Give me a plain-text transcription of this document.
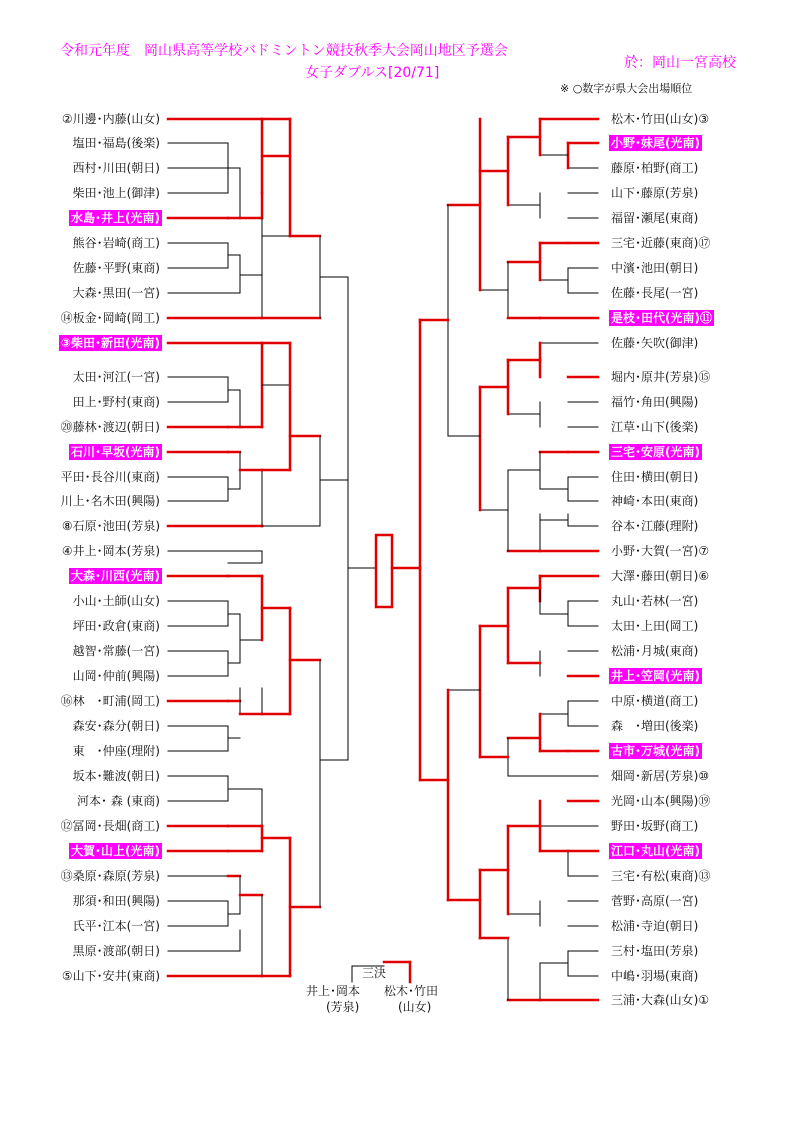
令和元年度　岡山県高等学校バドミントン競技秋季大会岡山地区予選会
女子ダブルス[20/71]
於：岡山一宮高校
※ ○数字が県大会出場順位
②川邊･内藤(山女)
塩田･福島(後楽)
西村･川田(朝日)
柴田･池上(御津)
水島･井上(光南)
熊谷･岩崎(商工)
佐藤･平野(東商)
大森･黒田(一宮)
⑭板金･岡崎(岡工)
③柴田･新田(光南)
太田･河江(一宮)
田上･野村(東商)
⑳藤林･渡辺(朝日)
石川･早坂(光南)
平田･長谷川(東商)
川上･名木田(興陽)
⑧石原･池田(芳泉)
④井上･岡本(芳泉)
大森･川西(光南)
小山･土師(山女)
坪田･政倉(東商)
越智･常藤(一宮)
山岡･仲前(興陽)
⑯林　･町浦(岡工)
森安･森分(朝日)
東　･仲座(理附)
坂本･難波(朝日)
河本･ 森 (東商)
⑫冨岡･長畑(商工)
大賀･山上(光南)
⑬桑原･森原(芳泉)
那須･和田(興陽)
氏平･江本(一宮)
黒原･渡部(朝日)
⑤山下･安井(東商)
松木･竹田(山女)③
小野･妹尾(光南)
藤原･柏野(商工)
山下･藤原(芳泉)
福留･瀬尾(東商)
三宅･近藤(東商)⑰
中濱･池田(朝日)
佐藤･長尾(一宮)
是枝･田代(光南)⑪
佐藤･矢吹(御津)
堀内･原井(芳泉)⑮
福竹･角田(興陽)
江草･山下(後楽)
三宅･安原(光南)
住田･横田(朝日)
神崎･本田(東商)
谷本･江藤(理附)
小野･大賀(一宮)⑦
大澤･藤田(朝日)⑥
丸山･若林(一宮)
太田･上田(岡工)
松浦･月城(東商)
井上･笠岡(光南)
中原･横道(商工)
森　･増田(後楽)
古市･万城(光南)
畑岡･新居(芳泉)⑩
光岡･山本(興陽)⑲
野田･坂野(商工)
江口･丸山(光南)
三宅･有松(東商)⑬
菅野･高原(一宮)
松浦･寺迫(朝日)
三村･塩田(芳泉)
中嶋･羽場(東商)
三浦･大森(山女)①
三決
井上･岡本
(芳泉)
松木･竹田
(山女)
